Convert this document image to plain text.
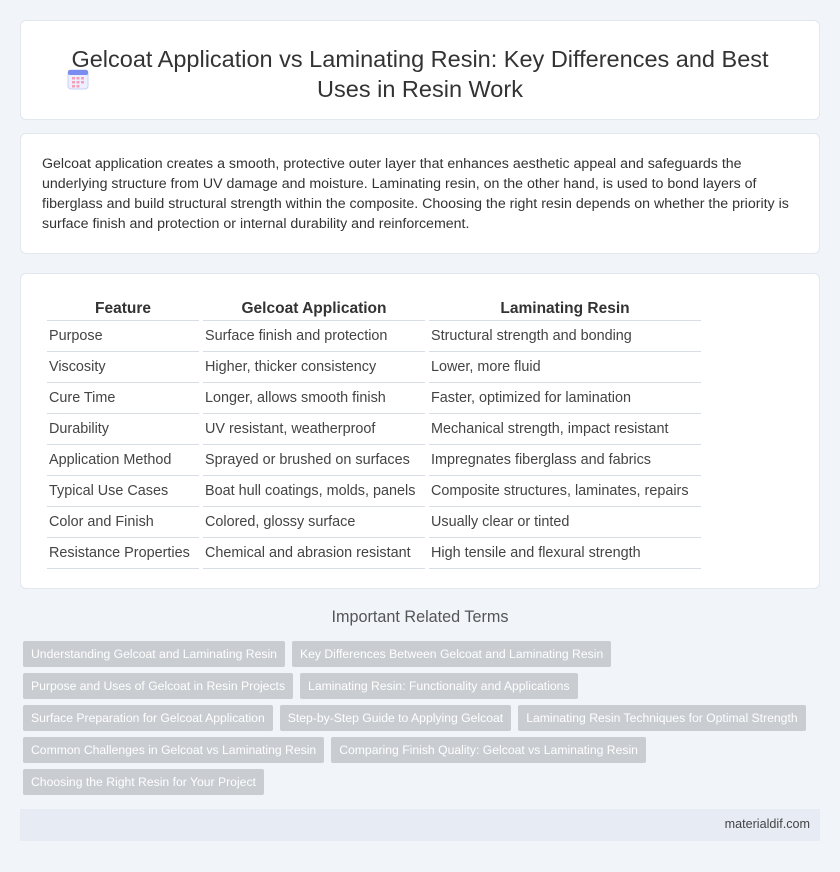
Gelcoat Application vs Laminating Resin: Key Differences and Best
Uses in Resin Work
Gelcoat application creates a smooth, protective outer layer that enhances aesthetic appeal and safeguards the underlying structure from UV damage and moisture. Laminating resin, on the other hand, is used to bond layers of fiberglass and build structural strength within the composite. Choosing the right resin depends on whether the priority is surface finish and protection or internal durability and reinforcement.
Feature	Gelcoat Application	Laminating Resin
Purpose	Surface finish and protection	Structural strength and bonding
Viscosity	Higher, thicker consistency	Lower, more fluid
Cure Time	Longer, allows smooth finish	Faster, optimized for lamination
Durability	UV resistant, weatherproof	Mechanical strength, impact resistant
Application Method	Sprayed or brushed on surfaces	Impregnates fiberglass and fabrics
Typical Use Cases	Boat hull coatings, molds, panels	Composite structures, laminates, repairs
Color and Finish	Colored, glossy surface	Usually clear or tinted
Resistance Properties	Chemical and abrasion resistant	High tensile and flexural strength
Important Related Terms
Understanding Gelcoat and Laminating Resin	Key Differences Between Gelcoat and Laminating Resin
Purpose and Uses of Gelcoat in Resin Projects	Laminating Resin: Functionality and Applications
Surface Preparation for Gelcoat Application	Step-by-Step Guide to Applying Gelcoat	Laminating Resin Techniques for Optimal Strength
Common Challenges in Gelcoat vs Laminating Resin	Comparing Finish Quality: Gelcoat vs Laminating Resin
Choosing the Right Resin for Your Project
materialdif.com
